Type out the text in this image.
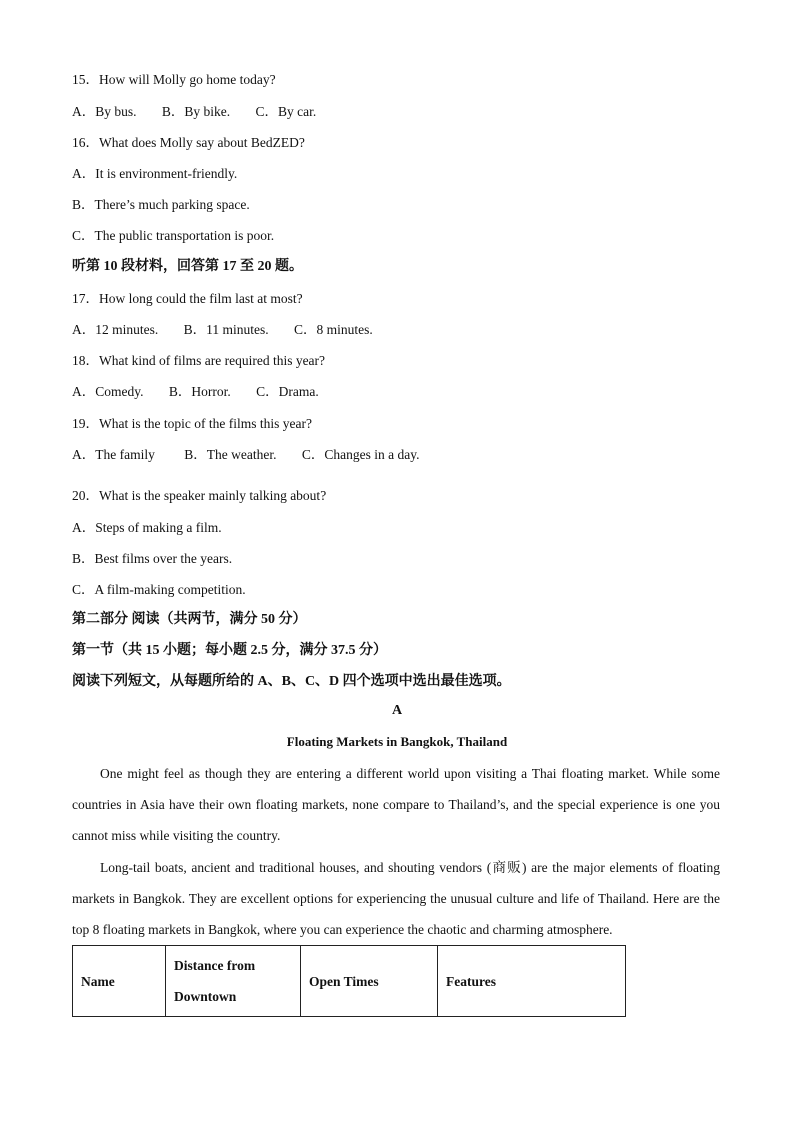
15．How will Molly go home today?
A．By bus. B．By bike. C．By car.
16．What does Molly say about BedZED?
A．It is environment-friendly.
B．There’s much parking space.
C．The public transportation is poor.
听第 10 段材料，回答第 17 至 20 题。
17．How long could the film last at most?
A．12 minutes. B．11 minutes. C．8 minutes.
18．What kind of films are required this year?
A．Comedy. B．Horror. C．Drama.
19．What is the topic of the films this year?
A．The family B．The weather. C．Changes in a day.
20．What is the speaker mainly talking about?
A．Steps of making a film.
B．Best films over the years.
C．A film-making competition.
第二部分 阅读（共两节，满分 50 分）
第一节（共 15 小题；每小题 2.5 分，满分 37.5 分）
阅读下列短文，从每题所给的 A、B、C、D 四个选项中选出最佳选项。
A
Floating Markets in Bangkok, Thailand
One might feel as though they are entering a different world upon visiting a Thai floating market. While some countries in Asia have their own floating markets, none compare to Thailand’s, and the special experience is one you cannot miss while visiting the country.
Long-tail boats, ancient and traditional houses, and shouting vendors (商贩) are the major elements of floating markets in Bangkok. They are excellent options for experiencing the unusual culture and life of Thailand. Here are the top 8 floating markets in Bangkok, where you can experience the chaotic and charming atmosphere.
Name	Distance from Downtown	Open Times	Features
